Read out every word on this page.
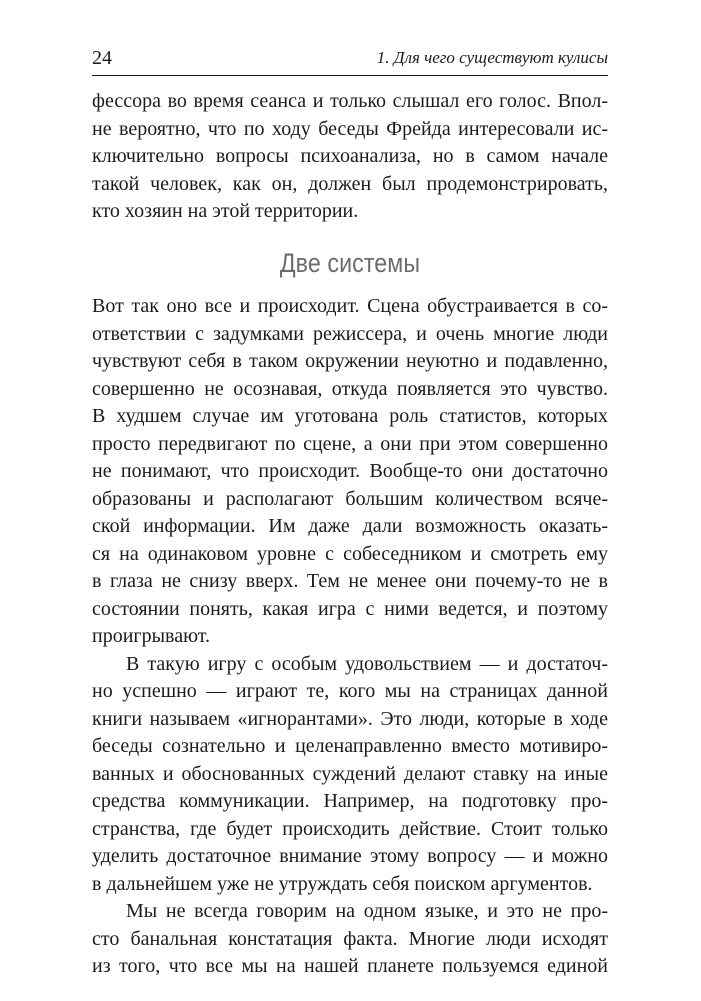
24	1. Для чего существуют кулисы
фессора во время сеанса и только слышал его голос. Впол-
не вероятно, что по ходу беседы Фрейда интересовали ис-
ключительно вопросы психоанализа, но в самом начале
такой человек, как он, должен был продемонстрировать,
кто хозяин на этой территории.
Две системы
Вот так оно все и происходит. Сцена обустраивается в со-
ответствии с задумками режиссера, и очень многие люди
чувствуют себя в таком окружении неуютно и подавленно,
совершенно не осознавая, откуда появляется это чувство.
В худшем случае им уготована роль статистов, которых
просто передвигают по сцене, а они при этом совершенно
не понимают, что происходит. Вообще-то они достаточно
образованы и располагают большим количеством всяче-
ской информации. Им даже дали возможность оказать-
ся на одинаковом уровне с собеседником и смотреть ему
в глаза не снизу вверх. Тем не менее они почему-то не в
состоянии понять, какая игра с ними ведется, и поэтому
проигрывают.
В такую игру с особым удовольствием — и достаточ-
но успешно — играют те, кого мы на страницах данной
книги называем «игнорантами». Это люди, которые в ходе
беседы сознательно и целенаправленно вместо мотивиро-
ванных и обоснованных суждений делают ставку на иные
средства коммуникации. Например, на подготовку про-
странства, где будет происходить действие. Стоит только
уделить достаточное внимание этому вопросу — и можно
в дальнейшем уже не утруждать себя поиском аргументов.
Мы не всегда говорим на одном языке, и это не про-
сто банальная констатация факта. Многие люди исходят
из того, что все мы на нашей планете пользуемся единой
